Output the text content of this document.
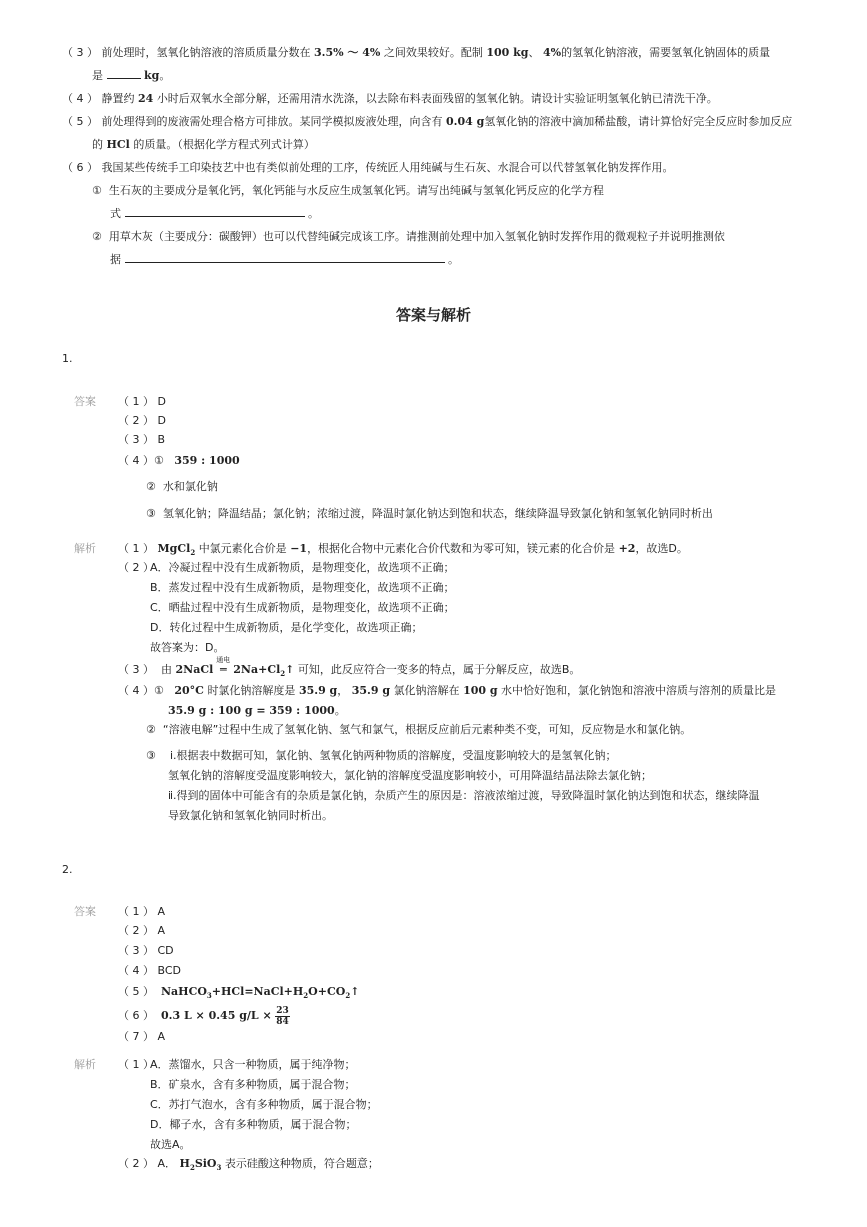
（ 3 ） 前处理时，氢氧化钠溶液的溶质质量分数在 3.5% ～ 4% 之间效果较好。配制 100 kg、 4%的氢氧化钠溶液，需要氢氧化钠固体的质量
是	kg。
（ 4 ） 静置约 24 小时后双氧水全部分解，还需用清水洗涤，以去除布料表面残留的氢氧化钠。请设计实验证明氢氧化钠已清洗干净。
（ 5 ） 前处理得到的废液需处理合格方可排放。某同学模拟废液处理，向含有 0.04 g氢氧化钠的溶液中滴加稀盐酸，请计算恰好完全反应时参加反应
的 HCl 的质量。（根据化学方程式列式计算）
（ 6 ） 我国某些传统手工印染技艺中也有类似前处理的工序，传统匠人用纯碱与生石灰、水混合可以代替氢氧化钠发挥作用。
① 生石灰的主要成分是氧化钙，氧化钙能与水反应生成氢氧化钙。请写出纯碱与氢氧化钙反应的化学方程
式	。
② 用草木灰（主要成分：碳酸钾）也可以代替纯碱完成该工序。请推测前处理中加入氢氧化钠时发挥作用的微观粒子并说明推测依
据	。
答案与解析
1.
答案 （ 1 ） D
（ 2 ） D
（ 3 ） B
（ 4 ）① 359 : 1000
② 水和氯化钠
③ 氢氧化钠；降温结晶；氯化钠；浓缩过渡，降温时氯化钠达到饱和状态，继续降温导致氯化钠和氢氧化钠同时析出
解析 （ 1 ） MgCl$_2$ 中氯元素化合价是 −1，根据化合物中元素化合价代数和为零可知，镁元素的化合价是 +2，故选D。
（ 2 ）
A．冷凝过程中没有生成新物质，是物理变化，故选项不正确；
B．蒸发过程中没有生成新物质，是物理变化，故选项不正确；
C．晒盐过程中没有生成新物质，是物理变化，故选项不正确；
D．转化过程中生成新物质，是化学变化，故选项正确；
故答案为：D。
（ 3 ） 由 2NaCl
通电
═ $2Na+Cl_2↑$ 可知，此反应符合一变多的特点，属于分解反应，故选B。
（ 4 ）① 20°C 时氯化钠溶解度是 35.9 g， 35.9 g 氯化钠溶解在 100 g 水中恰好饱和，氯化钠饱和溶液中溶质与溶剂的质量比是
35.9 g : 100 g = 359 : 1000。
② “溶液电解”过程中生成了氢氧化钠、氢气和氯气，根据反应前后元素种类不变，可知，反应物是水和氯化钠。
③ ⅰ.根据表中数据可知，氯化钠、氢氧化钠两种物质的溶解度，受温度影响较大的是氢氧化钠；
氢氧化钠的溶解度受温度影响较大，氯化钠的溶解度受温度影响较小，可用降温结晶法除去氯化钠；
ⅱ.得到的固体中可能含有的杂质是氯化钠，杂质产生的原因是：溶液浓缩过渡，导致降温时氯化钠达到饱和状态，继续降温
导致氯化钠和氢氧化钠同时析出。
2.
答案 （ 1 ） A
（ 2 ） A
（ 3 ） CD
（ 4 ） BCD
（ 5 ） $NaHCO_3+HCl=NaCl+H_2O+CO_2↑$
（ 6 ） 0.3 L × 0.45 $g/L \times \frac{23}{84}$
（ 7 ） A
解析 （ 1 ）
A．蒸馏水，只含一种物质，属于纯净物；
B．矿泉水，含有多种物质，属于混合物；
C．苏打气泡水，含有多种物质，属于混合物；
D．椰子水，含有多种物质，属于混合物；
故选A。
（ 2 ） A． $H_2SiO_3$ 表示硅酸这种物质，符合题意；
